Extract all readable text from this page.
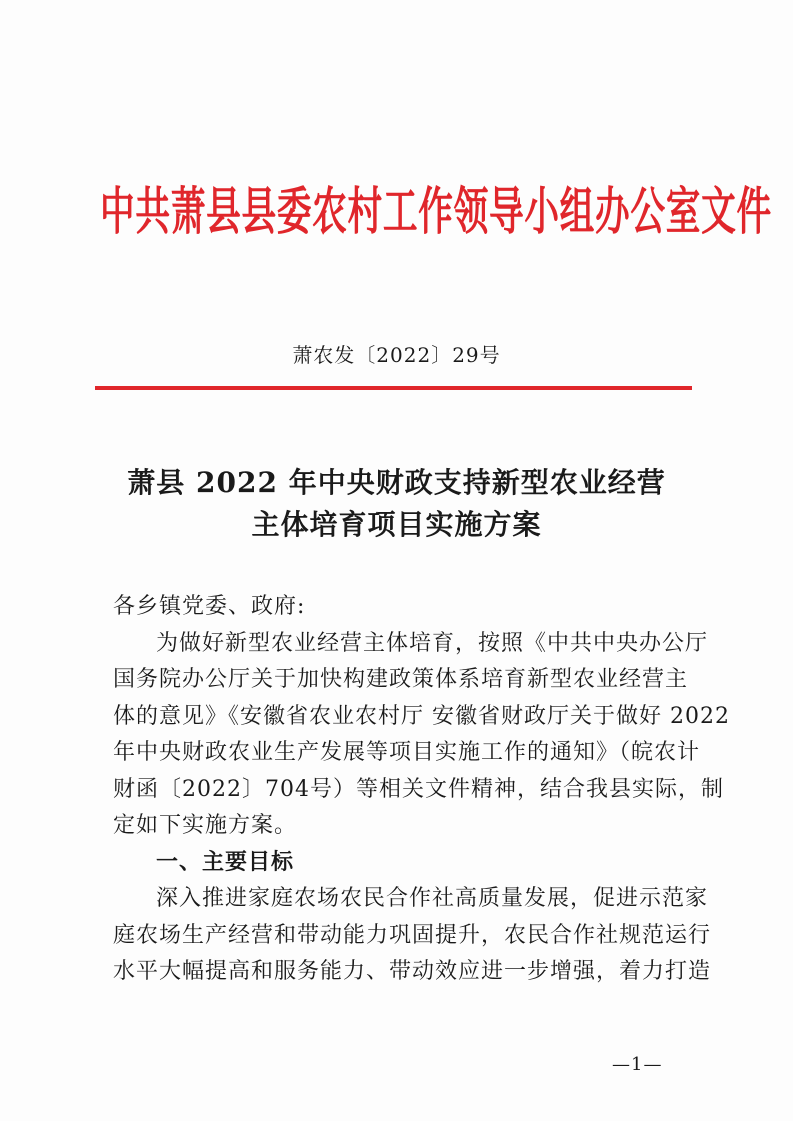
中共萧县县委农村工作领导小组办公室文件
萧农发〔2022〕29号
萧县 2022 年中央财政支持新型农业经营
主体培育项目实施方案
各乡镇党委、政府:
为做好新型农业经营主体培育，按照《中共中央办公厅
国务院办公厅关于加快构建政策体系培育新型农业经营主
体的意见》《安徽省农业农村厅 安徽省财政厅关于做好 2022
年中央财政农业生产发展等项目实施工作的通知》（皖农计
财函〔2022〕704号）等相关文件精神，结合我县实际，制
定如下实施方案。
一、主要目标
深入推进家庭农场农民合作社高质量发展，促进示范家
庭农场生产经营和带动能力巩固提升，农民合作社规范运行
水平大幅提高和服务能力、带动效应进一步增强，着力打造
—1—
